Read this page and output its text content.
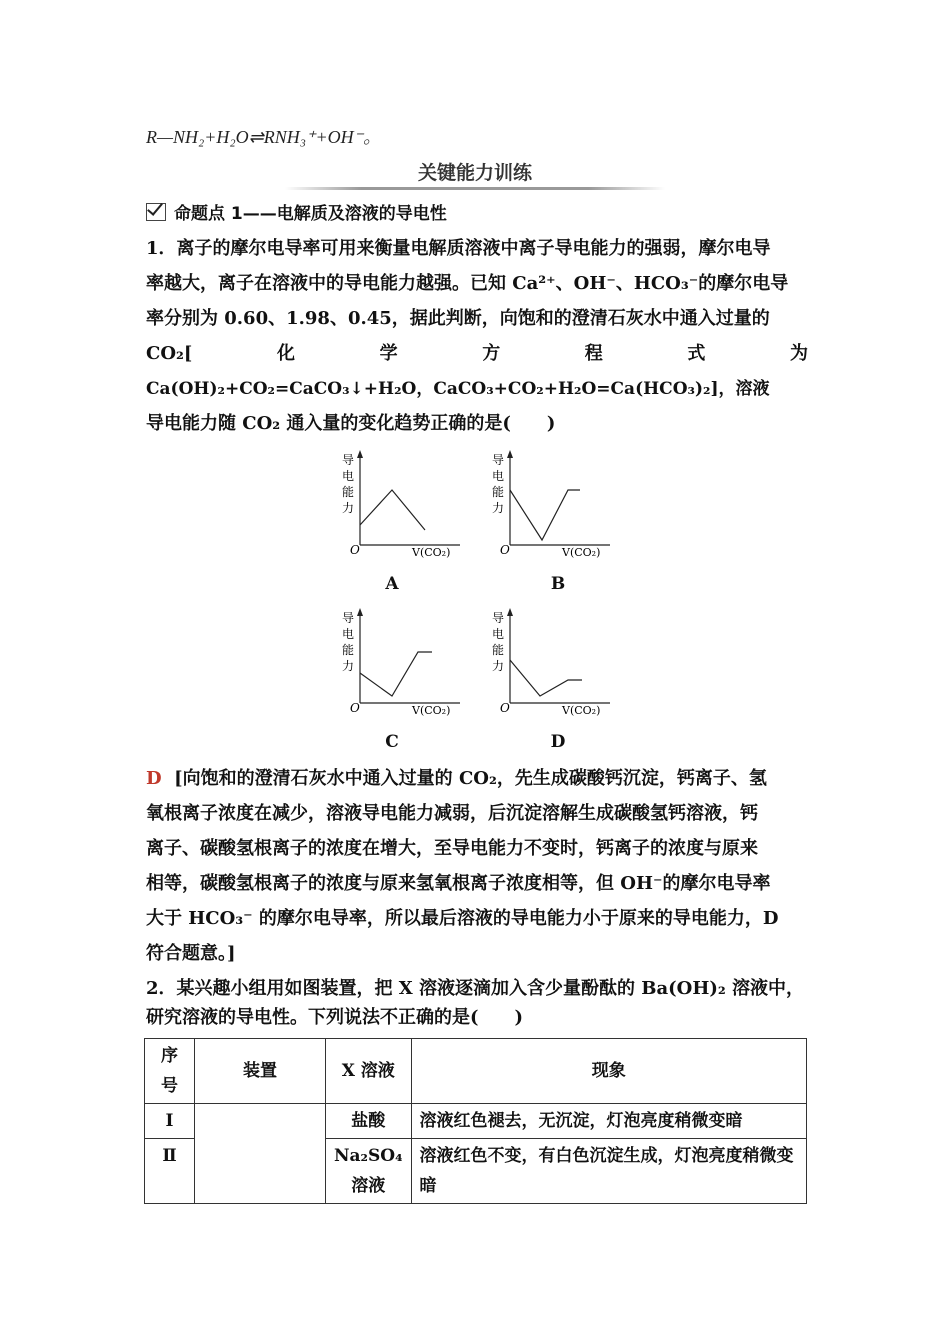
R—NH₂+H₂O⇌RNH₃⁺+OH⁻。
关键能力训练
命题点 1——电解质及溶液的导电性
1．离子的摩尔电导率可用来衡量电解质溶液中离子导电能力的强弱，摩尔电导
率越大，离子在溶液中的导电能力越强。已知 Ca²⁺、OH⁻、HCO₃⁻的摩尔电导
率分别为 0.60、1.98、0.45，据此判断，向饱和的澄清石灰水中通入过量的
CO₂[	化	学	方	程	式	为
Ca(OH)₂+CO₂=CaCO₃↓+H₂O，CaCO₃+CO₂+H₂O=Ca(HCO₃)₂]，溶液
导电能力随 CO₂ 通入量的变化趋势正确的是(　　)
导
电
能
力
O	V(CO₂)
A
导
电
能
力
O	V(CO₂)
B
导
电
能
力
O	V(CO₂)
C
导
电
能
力
O	V(CO₂)
D
D [向饱和的澄清石灰水中通入过量的 CO₂，先生成碳酸钙沉淀，钙离子、氢
氧根离子浓度在减少，溶液导电能力减弱，后沉淀溶解生成碳酸氢钙溶液，钙
离子、碳酸氢根离子的浓度在增大，至导电能力不变时，钙离子的浓度与原来
相等，碳酸氢根离子的浓度与原来氢氧根离子浓度相等，但 OH⁻的摩尔电导率
大于 HCO₃⁻ 的摩尔电导率，所以最后溶液的导电能力小于原来的导电能力，D
符合题意。]
2．某兴趣小组用如图装置，把 X 溶液逐滴加入含少量酚酞的 Ba(OH)₂ 溶液中，
研究溶液的导电性。下列说法不正确的是(　　)
序号	装置	X 溶液	现象
Ⅰ		盐酸	溶液红色褪去，无沉淀，灯泡亮度稍微变暗
Ⅱ		Na₂SO₄ 溶液	溶液红色不变，有白色沉淀生成，灯泡亮度稍微变暗
